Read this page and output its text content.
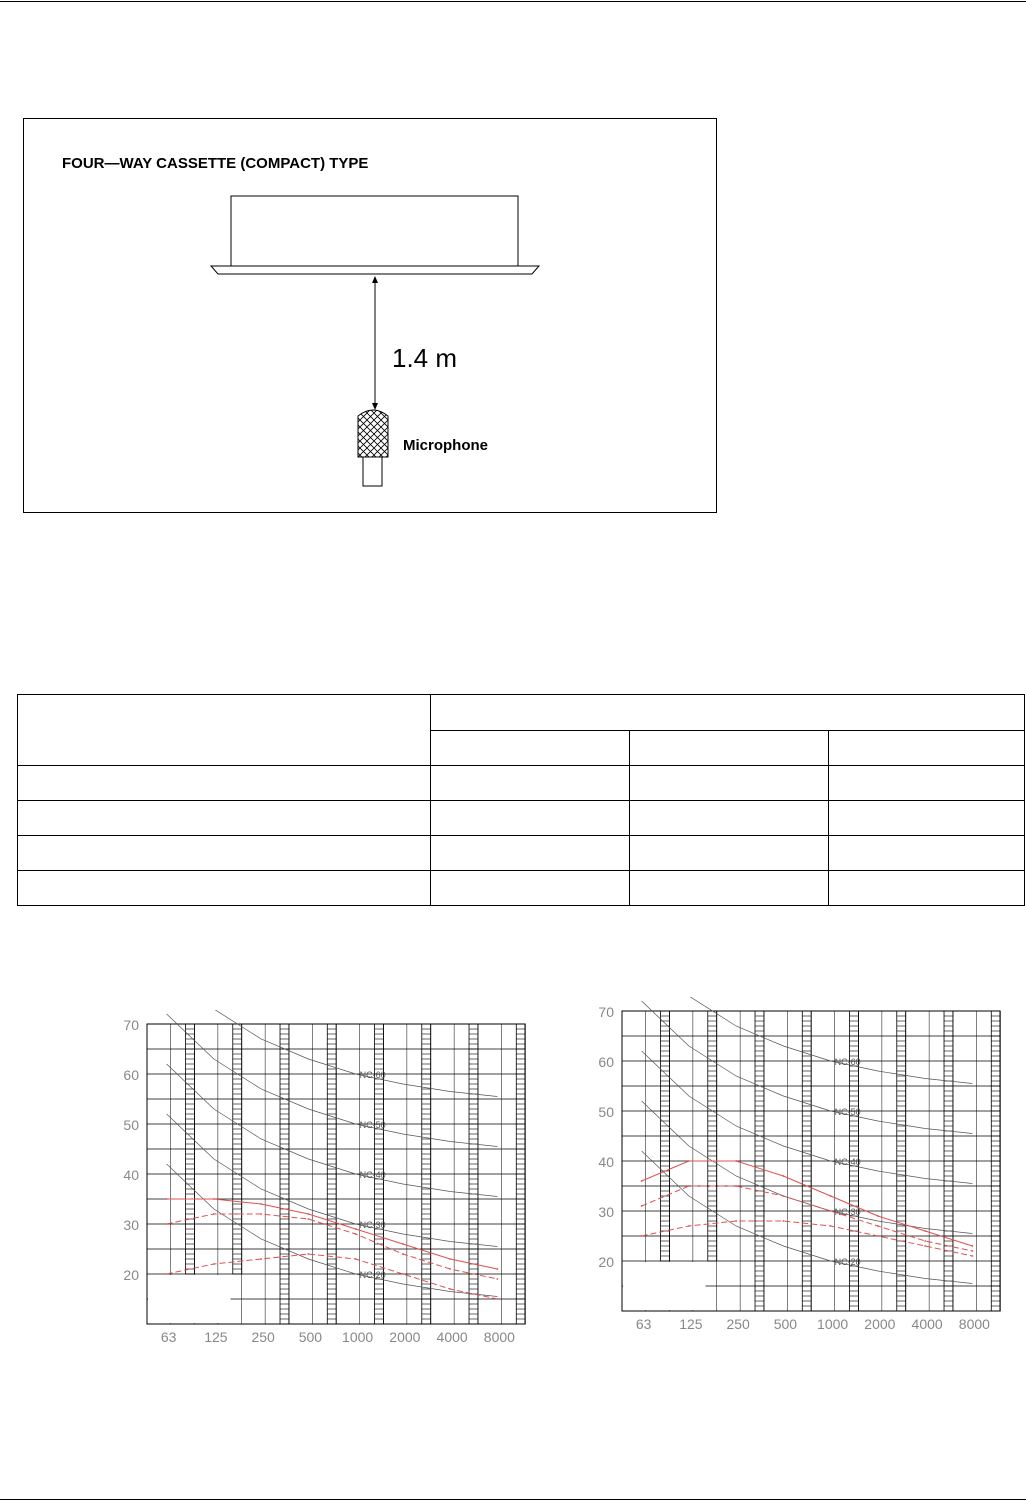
FOUR—WAY CASSETTE (COMPACT) TYPE
1.4 m
Microphone

NC-60
NC-50
NC-40
NC-30
NC-20
20
30
40
50
60
70
63 125 250 500 1000 2000 4000 8000
NC-60
NC-50
NC-40
NC-30
NC-20
20
30
40
50
60
70
63 125 250 500 1000 2000 4000 8000
